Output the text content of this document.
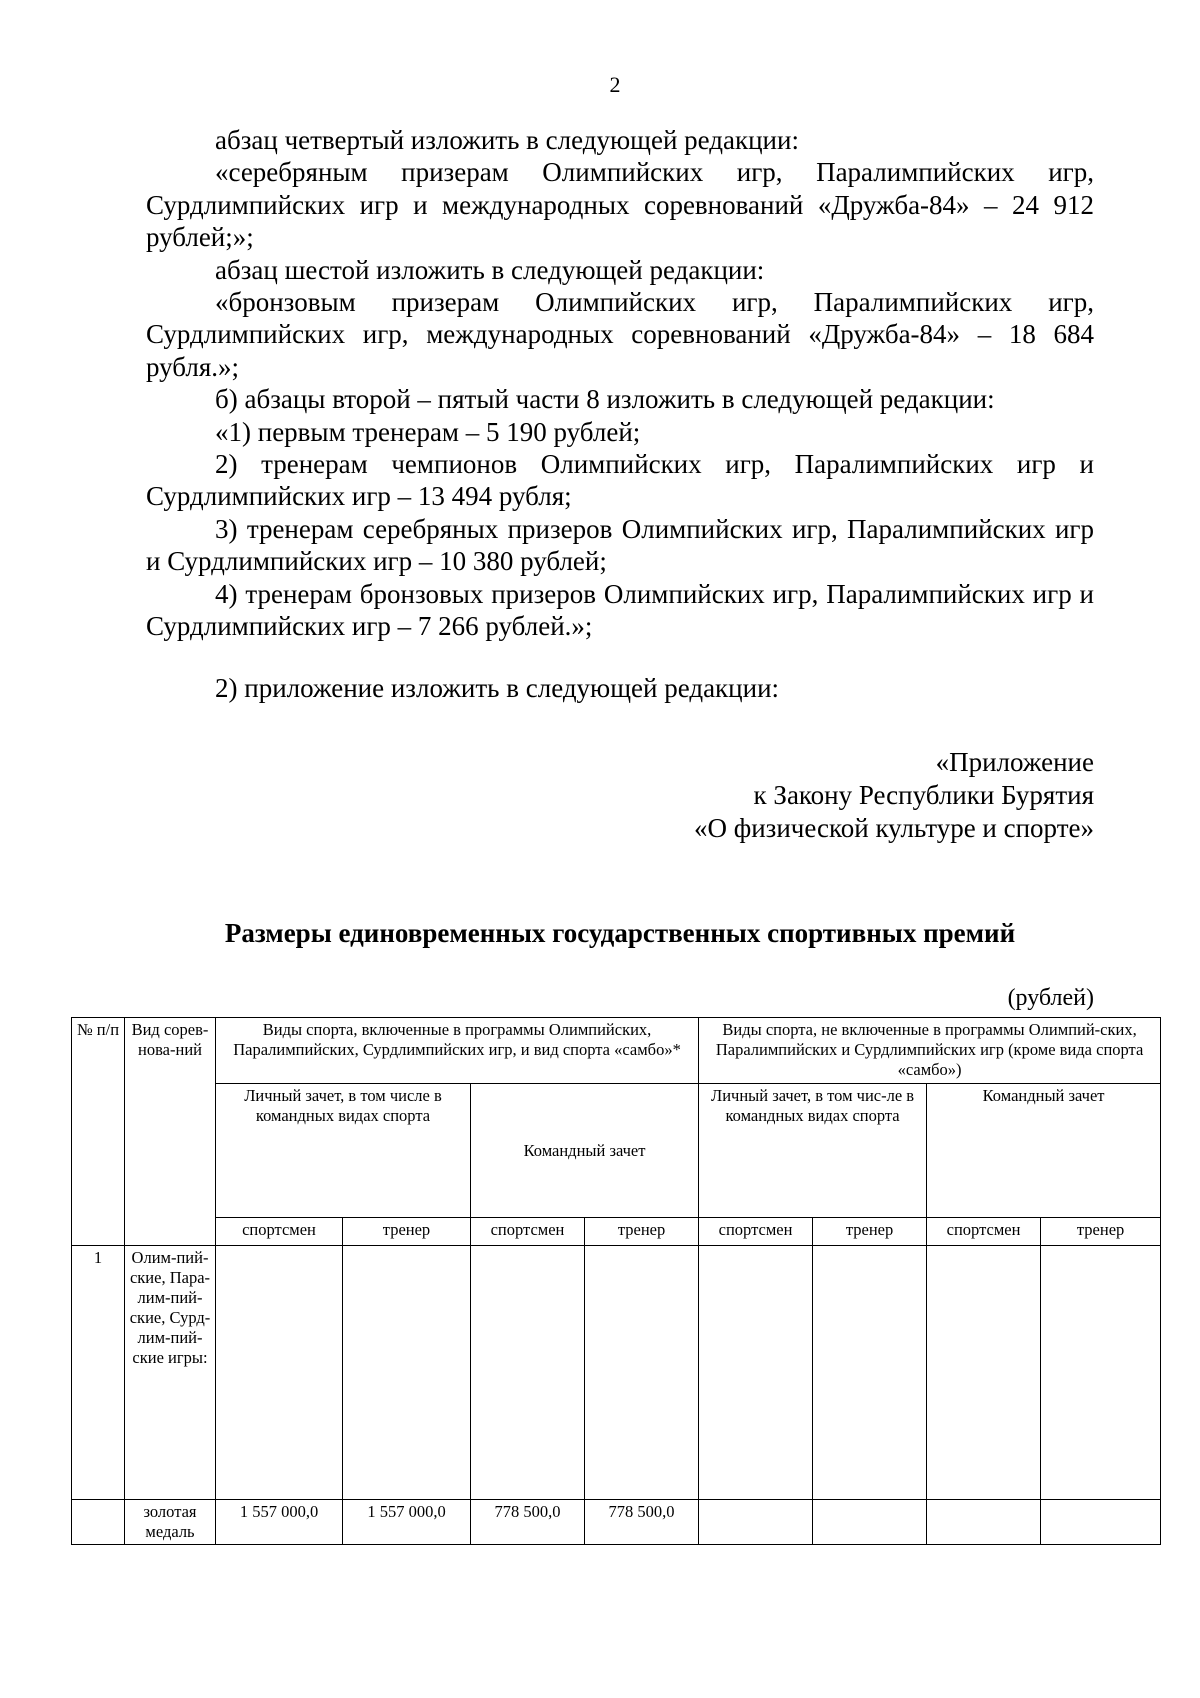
2

абзац четвертый изложить в следующей редакции:

«серебряным призерам Олимпийских игр, Паралимпийских игр, Сурдлимпийских игр и международных соревнований «Дружба-84» – 24 912 рублей;»;

абзац шестой изложить в следующей редакции:

«бронзовым призерам Олимпийских игр, Паралимпийских игр, Сурдлимпийских игр, международных соревнований «Дружба-84» – 18 684 рубля.»;

б) абзацы второй – пятый части 8 изложить в следующей редакции:

«1) первым тренерам – 5 190 рублей;

2) тренерам чемпионов Олимпийских игр, Паралимпийских игр и Сурдлимпийских игр – 13 494 рубля;

3) тренерам серебряных призеров Олимпийских игр, Паралимпийских игр и Сурдлимпийских игр – 10 380 рублей;

4) тренерам бронзовых призеров Олимпийских игр, Паралимпийских игр и Сурдлимпийских игр – 7 266 рублей.»;

2) приложение изложить в следующей редакции:

«Приложение
к Закону Республики Бурятия
«О физической культуре и спорте»
Размеры единовременных государственных спортивных премий
(рублей)
№ п/п	Вид сорев-нова-ний	Виды спорта, включенные в программы Олимпийских, Паралимпийских, Сурдлимпийских игр, и вид спорта «самбо»*				Виды спорта, не включенные в программы Олимпий-ских, Паралимпийских и Сурдлимпийских игр (кроме вида спорта «самбо»)			
		Личный зачет, в том числе в командных видах спорта		Командный зачет		Личный зачет, в том чис-ле в командных видах спорта		Командный зачет	
		спортсмен	тренер	спортсмен	тренер	спортсмен	тренер	спортсмен	тренер
1	Олим-пий-ские, Пара-лим-пий-ские, Сурд-лим-пий-ские игры:								
	золотая медаль	1 557 000,0	1 557 000,0	778 500,0	778 500,0				
